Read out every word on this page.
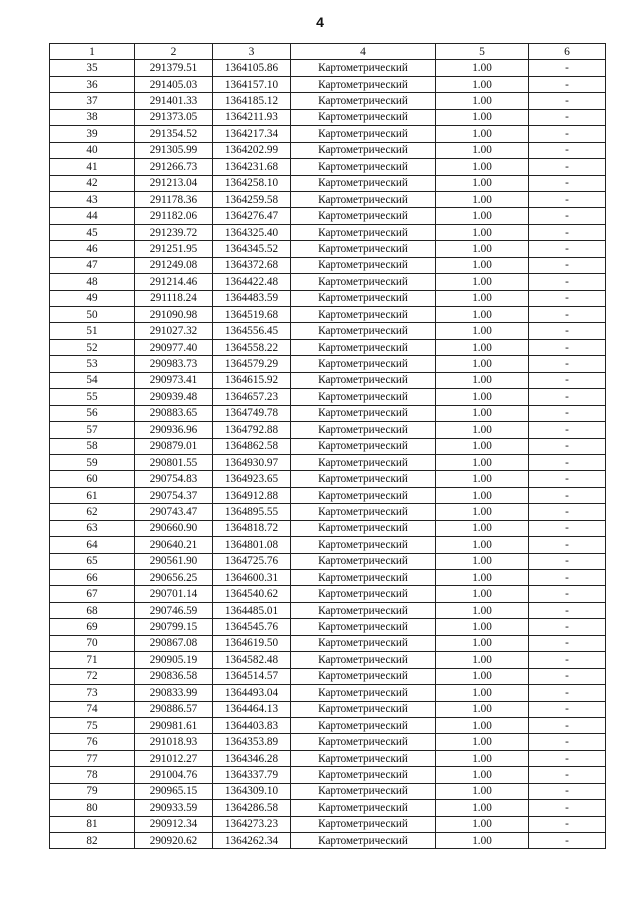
4
1	2	3	4	5	6
35	291379.51	1364105.86	Картометрический	1.00	-
36	291405.03	1364157.10	Картометрический	1.00	-
37	291401.33	1364185.12	Картометрический	1.00	-
38	291373.05	1364211.93	Картометрический	1.00	-
39	291354.52	1364217.34	Картометрический	1.00	-
40	291305.99	1364202.99	Картометрический	1.00	-
41	291266.73	1364231.68	Картометрический	1.00	-
42	291213.04	1364258.10	Картометрический	1.00	-
43	291178.36	1364259.58	Картометрический	1.00	-
44	291182.06	1364276.47	Картометрический	1.00	-
45	291239.72	1364325.40	Картометрический	1.00	-
46	291251.95	1364345.52	Картометрический	1.00	-
47	291249.08	1364372.68	Картометрический	1.00	-
48	291214.46	1364422.48	Картометрический	1.00	-
49	291118.24	1364483.59	Картометрический	1.00	-
50	291090.98	1364519.68	Картометрический	1.00	-
51	291027.32	1364556.45	Картометрический	1.00	-
52	290977.40	1364558.22	Картометрический	1.00	-
53	290983.73	1364579.29	Картометрический	1.00	-
54	290973.41	1364615.92	Картометрический	1.00	-
55	290939.48	1364657.23	Картометрический	1.00	-
56	290883.65	1364749.78	Картометрический	1.00	-
57	290936.96	1364792.88	Картометрический	1.00	-
58	290879.01	1364862.58	Картометрический	1.00	-
59	290801.55	1364930.97	Картометрический	1.00	-
60	290754.83	1364923.65	Картометрический	1.00	-
61	290754.37	1364912.88	Картометрический	1.00	-
62	290743.47	1364895.55	Картометрический	1.00	-
63	290660.90	1364818.72	Картометрический	1.00	-
64	290640.21	1364801.08	Картометрический	1.00	-
65	290561.90	1364725.76	Картометрический	1.00	-
66	290656.25	1364600.31	Картометрический	1.00	-
67	290701.14	1364540.62	Картометрический	1.00	-
68	290746.59	1364485.01	Картометрический	1.00	-
69	290799.15	1364545.76	Картометрический	1.00	-
70	290867.08	1364619.50	Картометрический	1.00	-
71	290905.19	1364582.48	Картометрический	1.00	-
72	290836.58	1364514.57	Картометрический	1.00	-
73	290833.99	1364493.04	Картометрический	1.00	-
74	290886.57	1364464.13	Картометрический	1.00	-
75	290981.61	1364403.83	Картометрический	1.00	-
76	291018.93	1364353.89	Картометрический	1.00	-
77	291012.27	1364346.28	Картометрический	1.00	-
78	291004.76	1364337.79	Картометрический	1.00	-
79	290965.15	1364309.10	Картометрический	1.00	-
80	290933.59	1364286.58	Картометрический	1.00	-
81	290912.34	1364273.23	Картометрический	1.00	-
82	290920.62	1364262.34	Картометрический	1.00	-
